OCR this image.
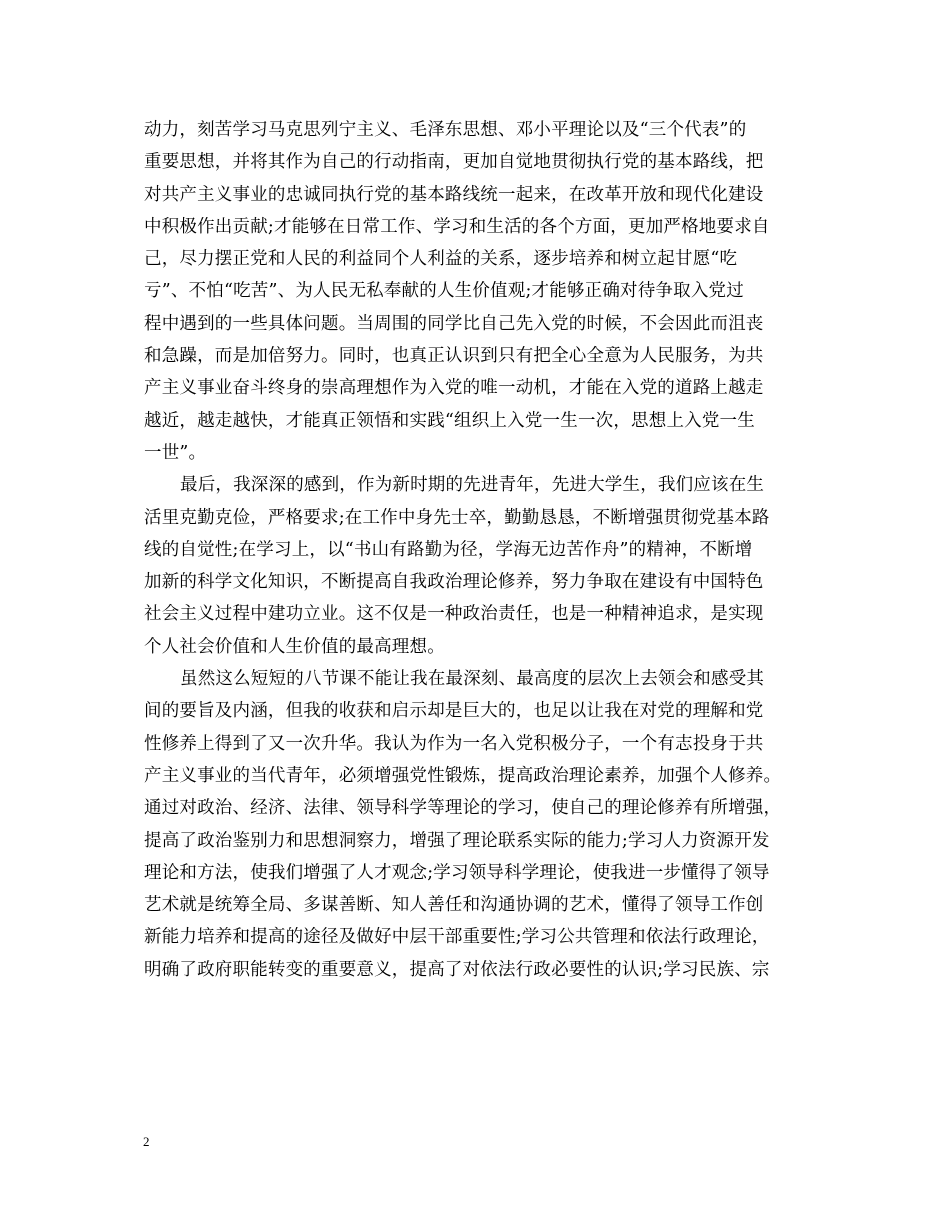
动力，刻苦学习马克思列宁主义、毛泽东思想、邓小平理论以及“三个代表”的
重要思想，并将其作为自己的行动指南，更加自觉地贯彻执行党的基本路线，把
对共产主义事业的忠诚同执行党的基本路线统一起来，在改革开放和现代化建设
中积极作出贡献;才能够在日常工作、学习和生活的各个方面，更加严格地要求自
己，尽力摆正党和人民的利益同个人利益的关系，逐步培养和树立起甘愿“吃
亏”、不怕“吃苦”、为人民无私奉献的人生价值观;才能够正确对待争取入党过
程中遇到的一些具体问题。当周围的同学比自己先入党的时候，不会因此而沮丧
和急躁，而是加倍努力。同时，也真正认识到只有把全心全意为人民服务，为共
产主义事业奋斗终身的崇高理想作为入党的唯一动机，才能在入党的道路上越走
越近，越走越快，才能真正领悟和实践“组织上入党一生一次，思想上入党一生
一世”。
最后，我深深的感到，作为新时期的先进青年，先进大学生，我们应该在生
活里克勤克俭，严格要求;在工作中身先士卒，勤勤恳恳，不断增强贯彻党基本路
线的自觉性;在学习上，以“书山有路勤为径，学海无边苦作舟”的精神，不断增
加新的科学文化知识，不断提高自我政治理论修养，努力争取在建设有中国特色
社会主义过程中建功立业。这不仅是一种政治责任，也是一种精神追求，是实现
个人社会价值和人生价值的最高理想。
虽然这么短短的八节课不能让我在最深刻、最高度的层次上去领会和感受其
间的要旨及内涵，但我的收获和启示却是巨大的，也足以让我在对党的理解和党
性修养上得到了又一次升华。我认为作为一名入党积极分子，一个有志投身于共
产主义事业的当代青年，必须增强党性锻炼，提高政治理论素养，加强个人修养。
通过对政治、经济、法律、领导科学等理论的学习，使自己的理论修养有所增强，
提高了政治鉴别力和思想洞察力，增强了理论联系实际的能力;学习人力资源开发
理论和方法，使我们增强了人才观念;学习领导科学理论，使我进一步懂得了领导
艺术就是统筹全局、多谋善断、知人善任和沟通协调的艺术，懂得了领导工作创
新能力培养和提高的途径及做好中层干部重要性;学习公共管理和依法行政理论，
明确了政府职能转变的重要意义，提高了对依法行政必要性的认识;学习民族、宗
2
